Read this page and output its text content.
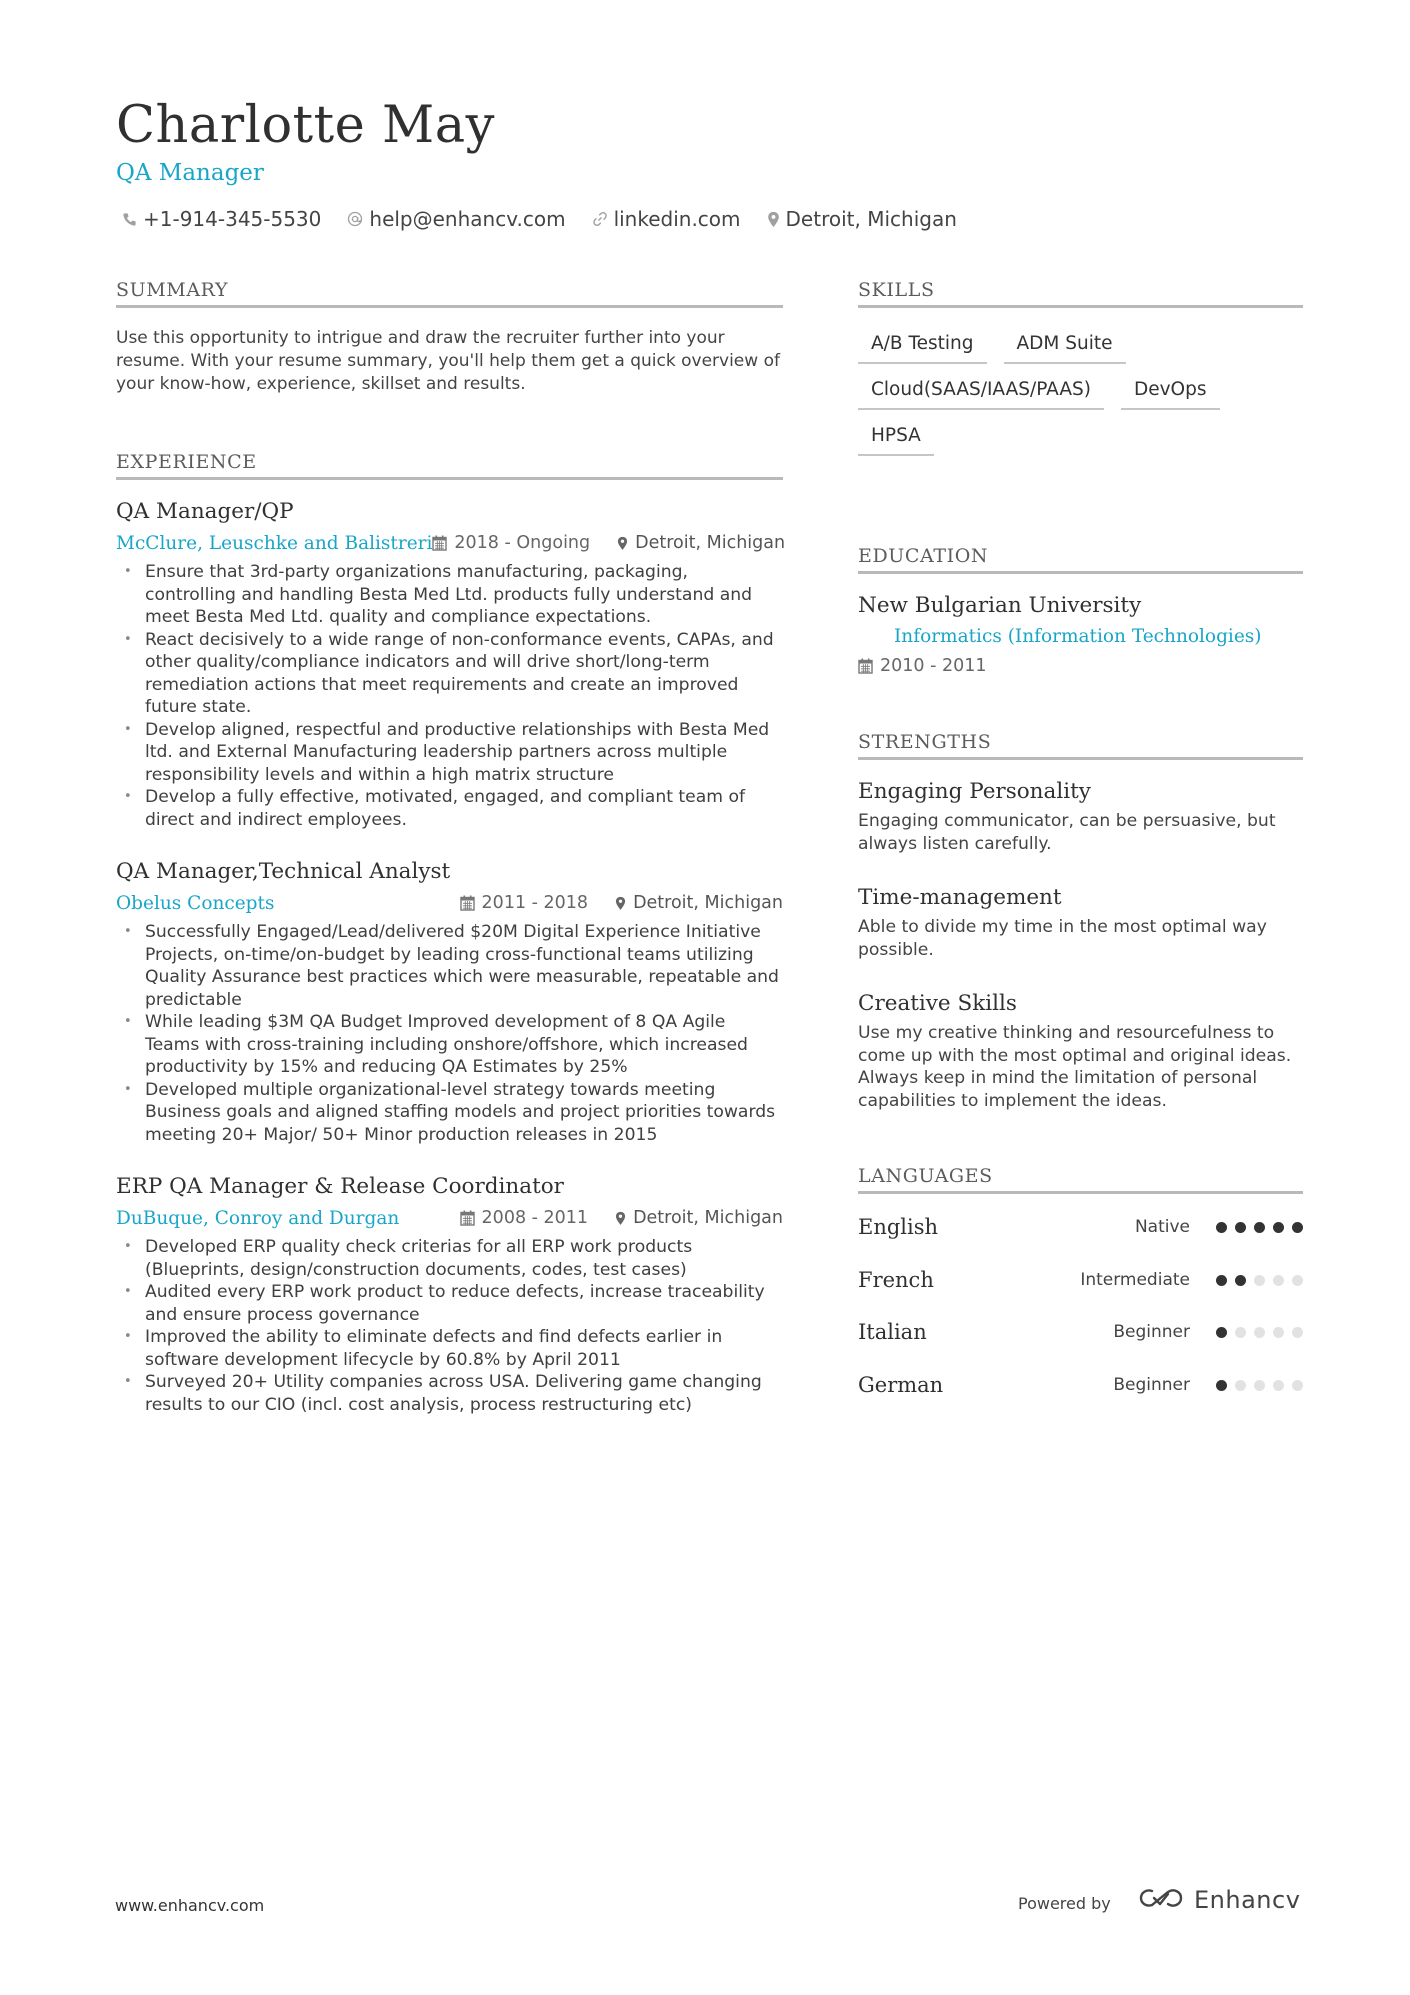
Charlotte May
QA Manager
+1-914-345-5530 help@enhancv.com linkedin.com Detroit, Michigan
SUMMARY
Use this opportunity to intrigue and draw the recruiter further into your resume. With your resume summary, you'll help them get a quick overview of your know-how, experience, skillset and results.
EXPERIENCE
QA Manager/QP
McClure, Leuschke and Balistreri 2018 - Ongoing	Detroit, Michigan
• Ensure that 3rd-party organizations manufacturing, packaging, controlling and handling Besta Med Ltd. products fully understand and meet Besta Med Ltd. quality and compliance expectations.
• React decisively to a wide range of non-conformance events, CAPAs, and other quality/compliance indicators and will drive short/long-term remediation actions that meet requirements and create an improved future state.
• Develop aligned, respectful and productive relationships with Besta Med ltd. and External Manufacturing leadership partners across multiple responsibility levels and within a high matrix structure
• Develop a fully effective, motivated, engaged, and compliant team of direct and indirect employees.
QA Manager,Technical Analyst
Obelus Concepts	2011 - 2018	Detroit, Michigan
• Successfully Engaged/Lead/delivered $20M Digital Experience Initiative Projects, on-time/on-budget by leading cross-functional teams utilizing Quality Assurance best practices which were measurable, repeatable and predictable
• While leading $3M QA Budget Improved development of 8 QA Agile Teams with cross-training including onshore/offshore, which increased productivity by 15% and reducing QA Estimates by 25%
• Developed multiple organizational-level strategy towards meeting Business goals and aligned staffing models and project priorities towards meeting 20+ Major/ 50+ Minor production releases in 2015
ERP QA Manager & Release Coordinator
DuBuque, Conroy and Durgan	2008 - 2011	Detroit, Michigan
• Developed ERP quality check criterias for all ERP work products (Blueprints, design/construction documents, codes, test cases)
• Audited every ERP work product to reduce defects, increase traceability and ensure process governance
• Improved the ability to eliminate defects and find defects earlier in software development lifecycle by 60.8% by April 2011
• Surveyed 20+ Utility companies across USA. Delivering game changing results to our CIO (incl. cost analysis, process restructuring etc)
SKILLS
A/B Testing	ADM Suite
Cloud(SAAS/IAAS/PAAS)	DevOps
HPSA
EDUCATION
New Bulgarian University
Informatics (Information Technologies)
2010 - 2011
STRENGTHS
Engaging Personality
Engaging communicator, can be persuasive, but always listen carefully.
Time-management
Able to divide my time in the most optimal way possible.
Creative Skills
Use my creative thinking and resourcefulness to come up with the most optimal and original ideas. Always keep in mind the limitation of personal capabilities to implement the ideas.
LANGUAGES
English	Native
French	Intermediate
Italian	Beginner
German	Beginner
www.enhancv.com	Powered by	Enhancv
